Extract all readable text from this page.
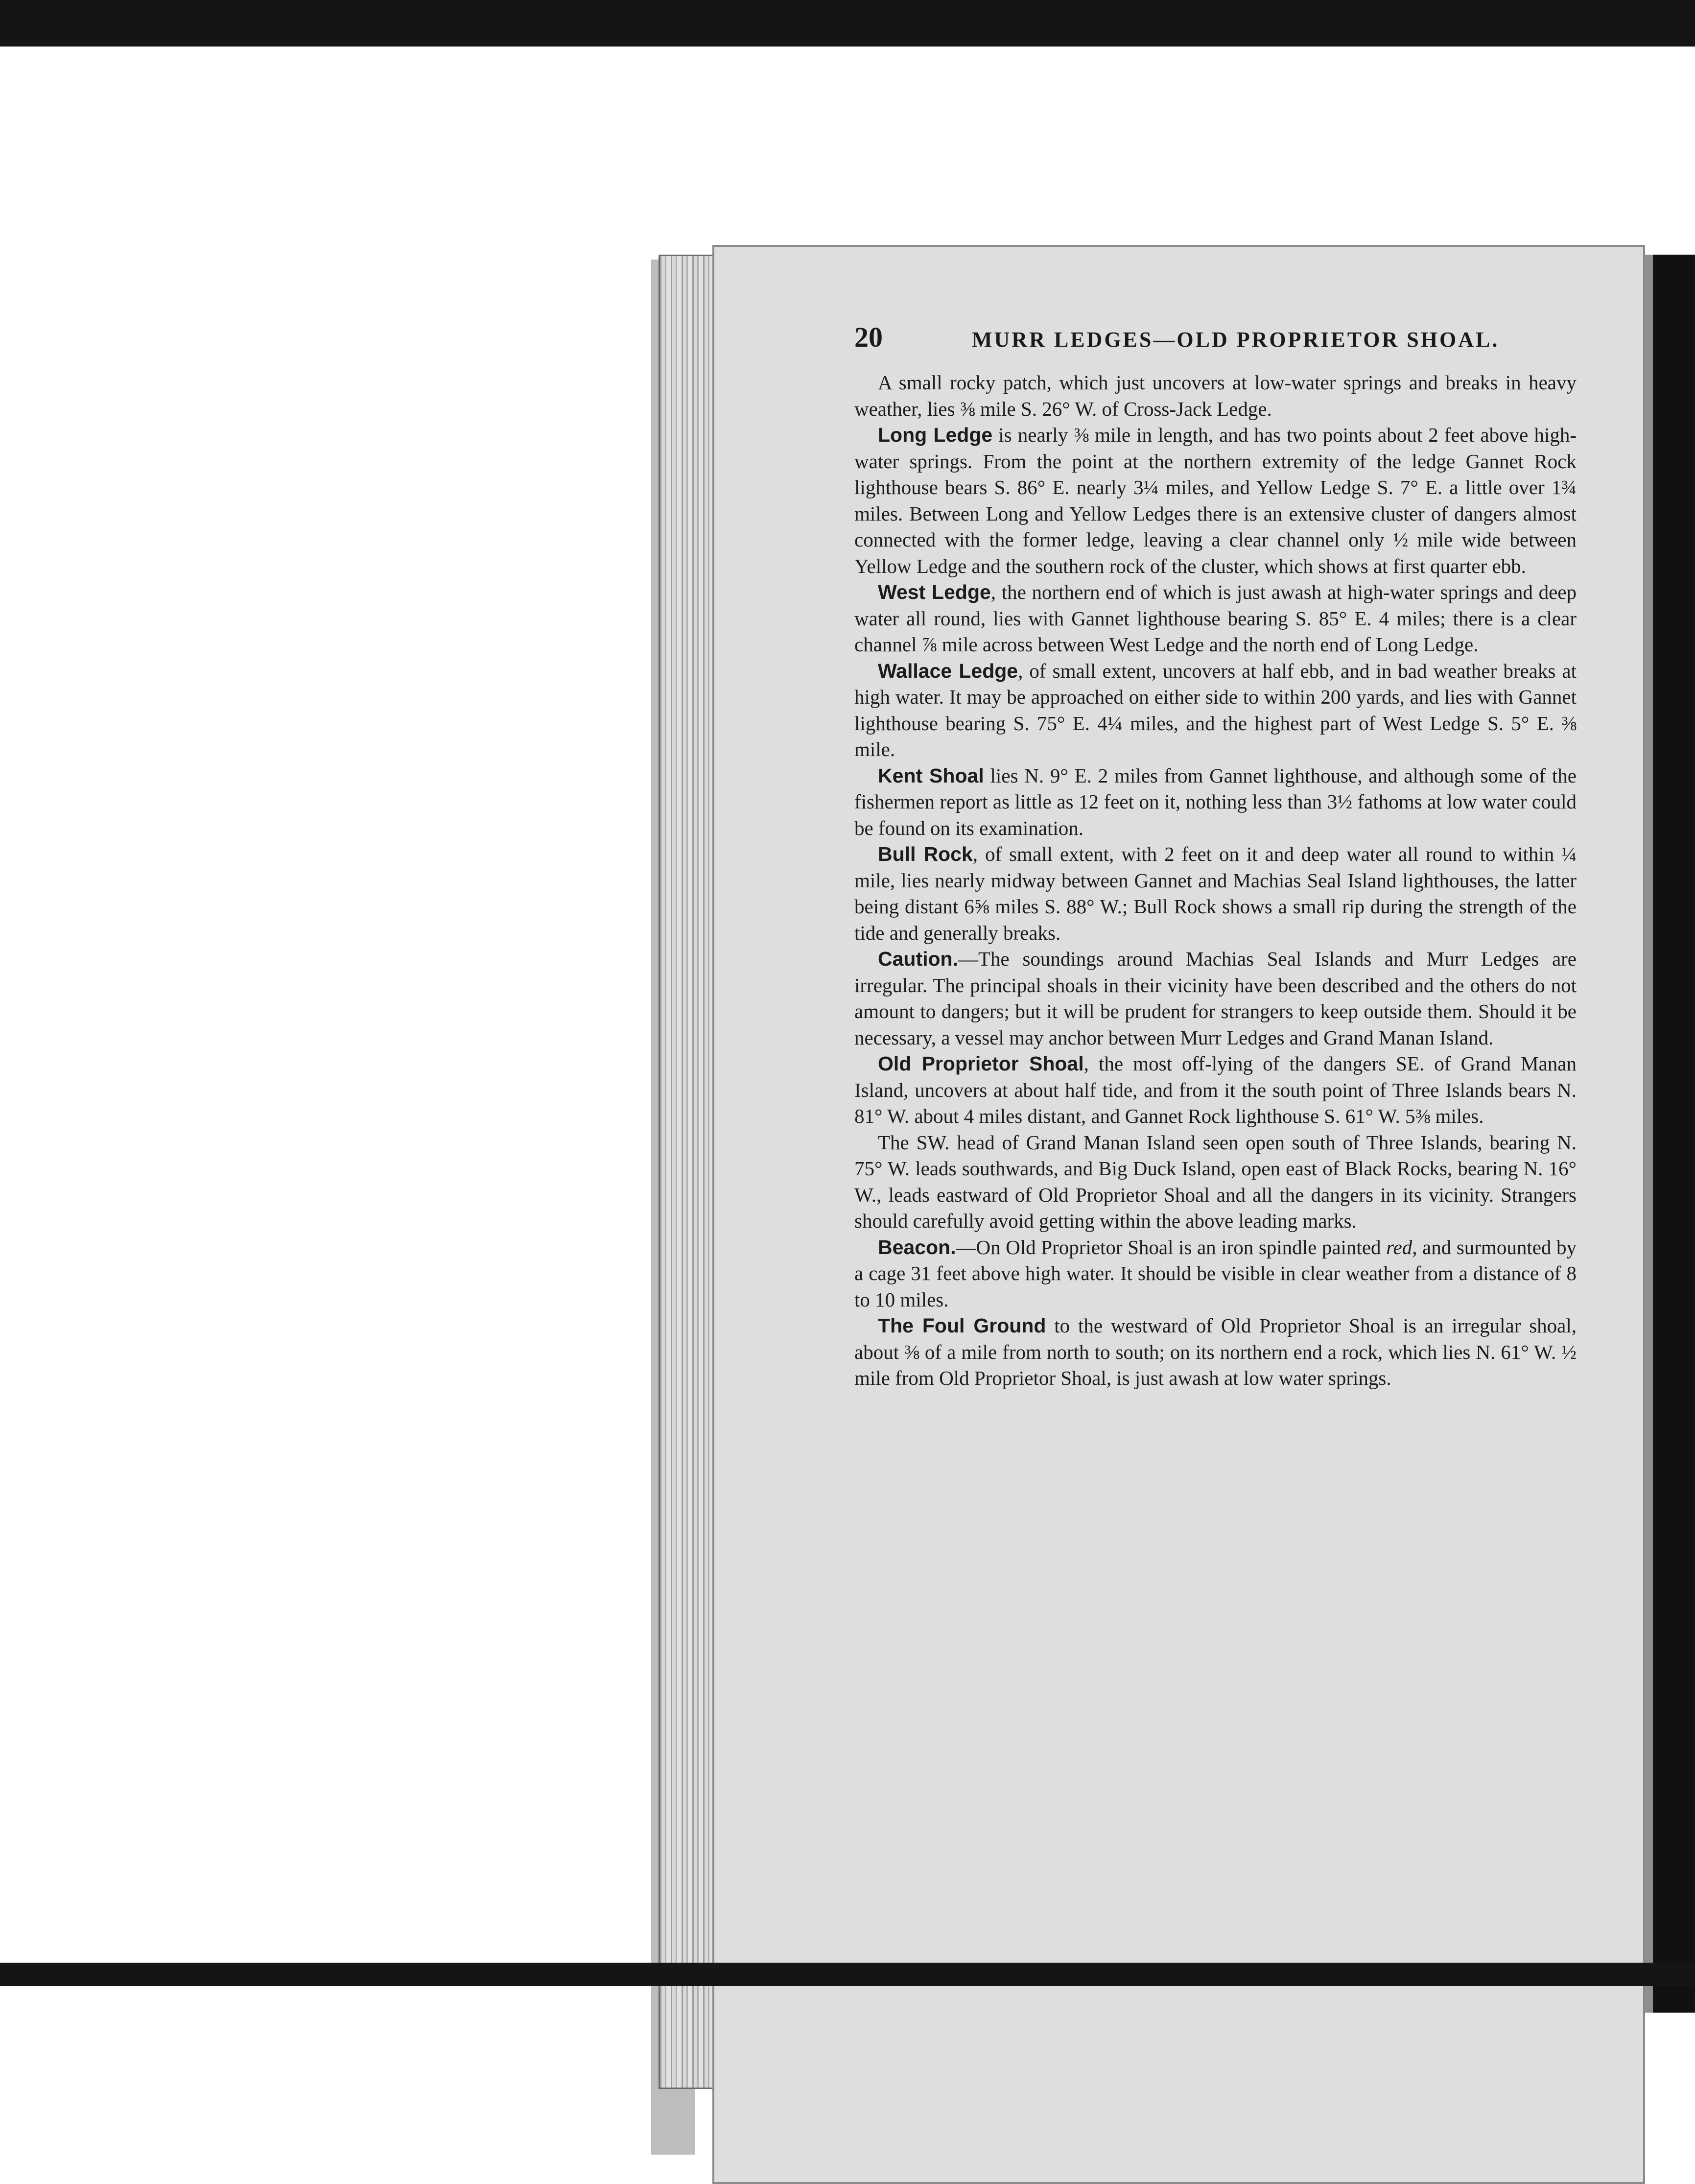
20	MURR LEDGES—OLD PROPRIETOR SHOAL.

A small rocky patch, which just uncovers at low-water springs and breaks in heavy weather, lies ⅜ mile S. 26° W. of Cross-Jack Ledge.

Long Ledge is nearly ⅜ mile in length, and has two points about 2 feet above high-water springs. From the point at the northern extremity of the ledge Gannet Rock lighthouse bears S. 86° E. nearly 3¼ miles, and Yellow Ledge S. 7° E. a little over 1¾ miles. Between Long and Yellow Ledges there is an extensive cluster of dangers almost connected with the former ledge, leaving a clear channel only ½ mile wide between Yellow Ledge and the southern rock of the cluster, which shows at first quarter ebb.

West Ledge, the northern end of which is just awash at high-water springs and deep water all round, lies with Gannet lighthouse bearing S. 85° E. 4 miles; there is a clear channel ⅞ mile across between West Ledge and the north end of Long Ledge.

Wallace Ledge, of small extent, uncovers at half ebb, and in bad weather breaks at high water. It may be approached on either side to within 200 yards, and lies with Gannet lighthouse bearing S. 75° E. 4¼ miles, and the highest part of West Ledge S. 5° E. ⅜ mile.

Kent Shoal lies N. 9° E. 2 miles from Gannet lighthouse, and although some of the fishermen report as little as 12 feet on it, nothing less than 3½ fathoms at low water could be found on its examination.

Bull Rock, of small extent, with 2 feet on it and deep water all round to within ¼ mile, lies nearly midway between Gannet and Machias Seal Island lighthouses, the latter being distant 6⅝ miles S. 88° W.; Bull Rock shows a small rip during the strength of the tide and generally breaks.

Caution.—The soundings around Machias Seal Islands and Murr Ledges are irregular. The principal shoals in their vicinity have been described and the others do not amount to dangers; but it will be prudent for strangers to keep outside them. Should it be necessary, a vessel may anchor between Murr Ledges and Grand Manan Island.

Old Proprietor Shoal, the most off-lying of the dangers SE. of Grand Manan Island, uncovers at about half tide, and from it the south point of Three Islands bears N. 81° W. about 4 miles distant, and Gannet Rock lighthouse S. 61° W. 5⅜ miles.

The SW. head of Grand Manan Island seen open south of Three Islands, bearing N. 75° W. leads southwards, and Big Duck Island, open east of Black Rocks, bearing N. 16° W., leads eastward of Old Proprietor Shoal and all the dangers in its vicinity. Strangers should carefully avoid getting within the above leading marks.

Beacon.—On Old Proprietor Shoal is an iron spindle painted red, and surmounted by a cage 31 feet above high water. It should be visible in clear weather from a distance of 8 to 10 miles.

The Foul Ground to the westward of Old Proprietor Shoal is an irregular shoal, about ⅜ of a mile from north to south; on its northern end a rock, which lies N. 61° W. ½ mile from Old Proprietor Shoal, is just awash at low water springs.
